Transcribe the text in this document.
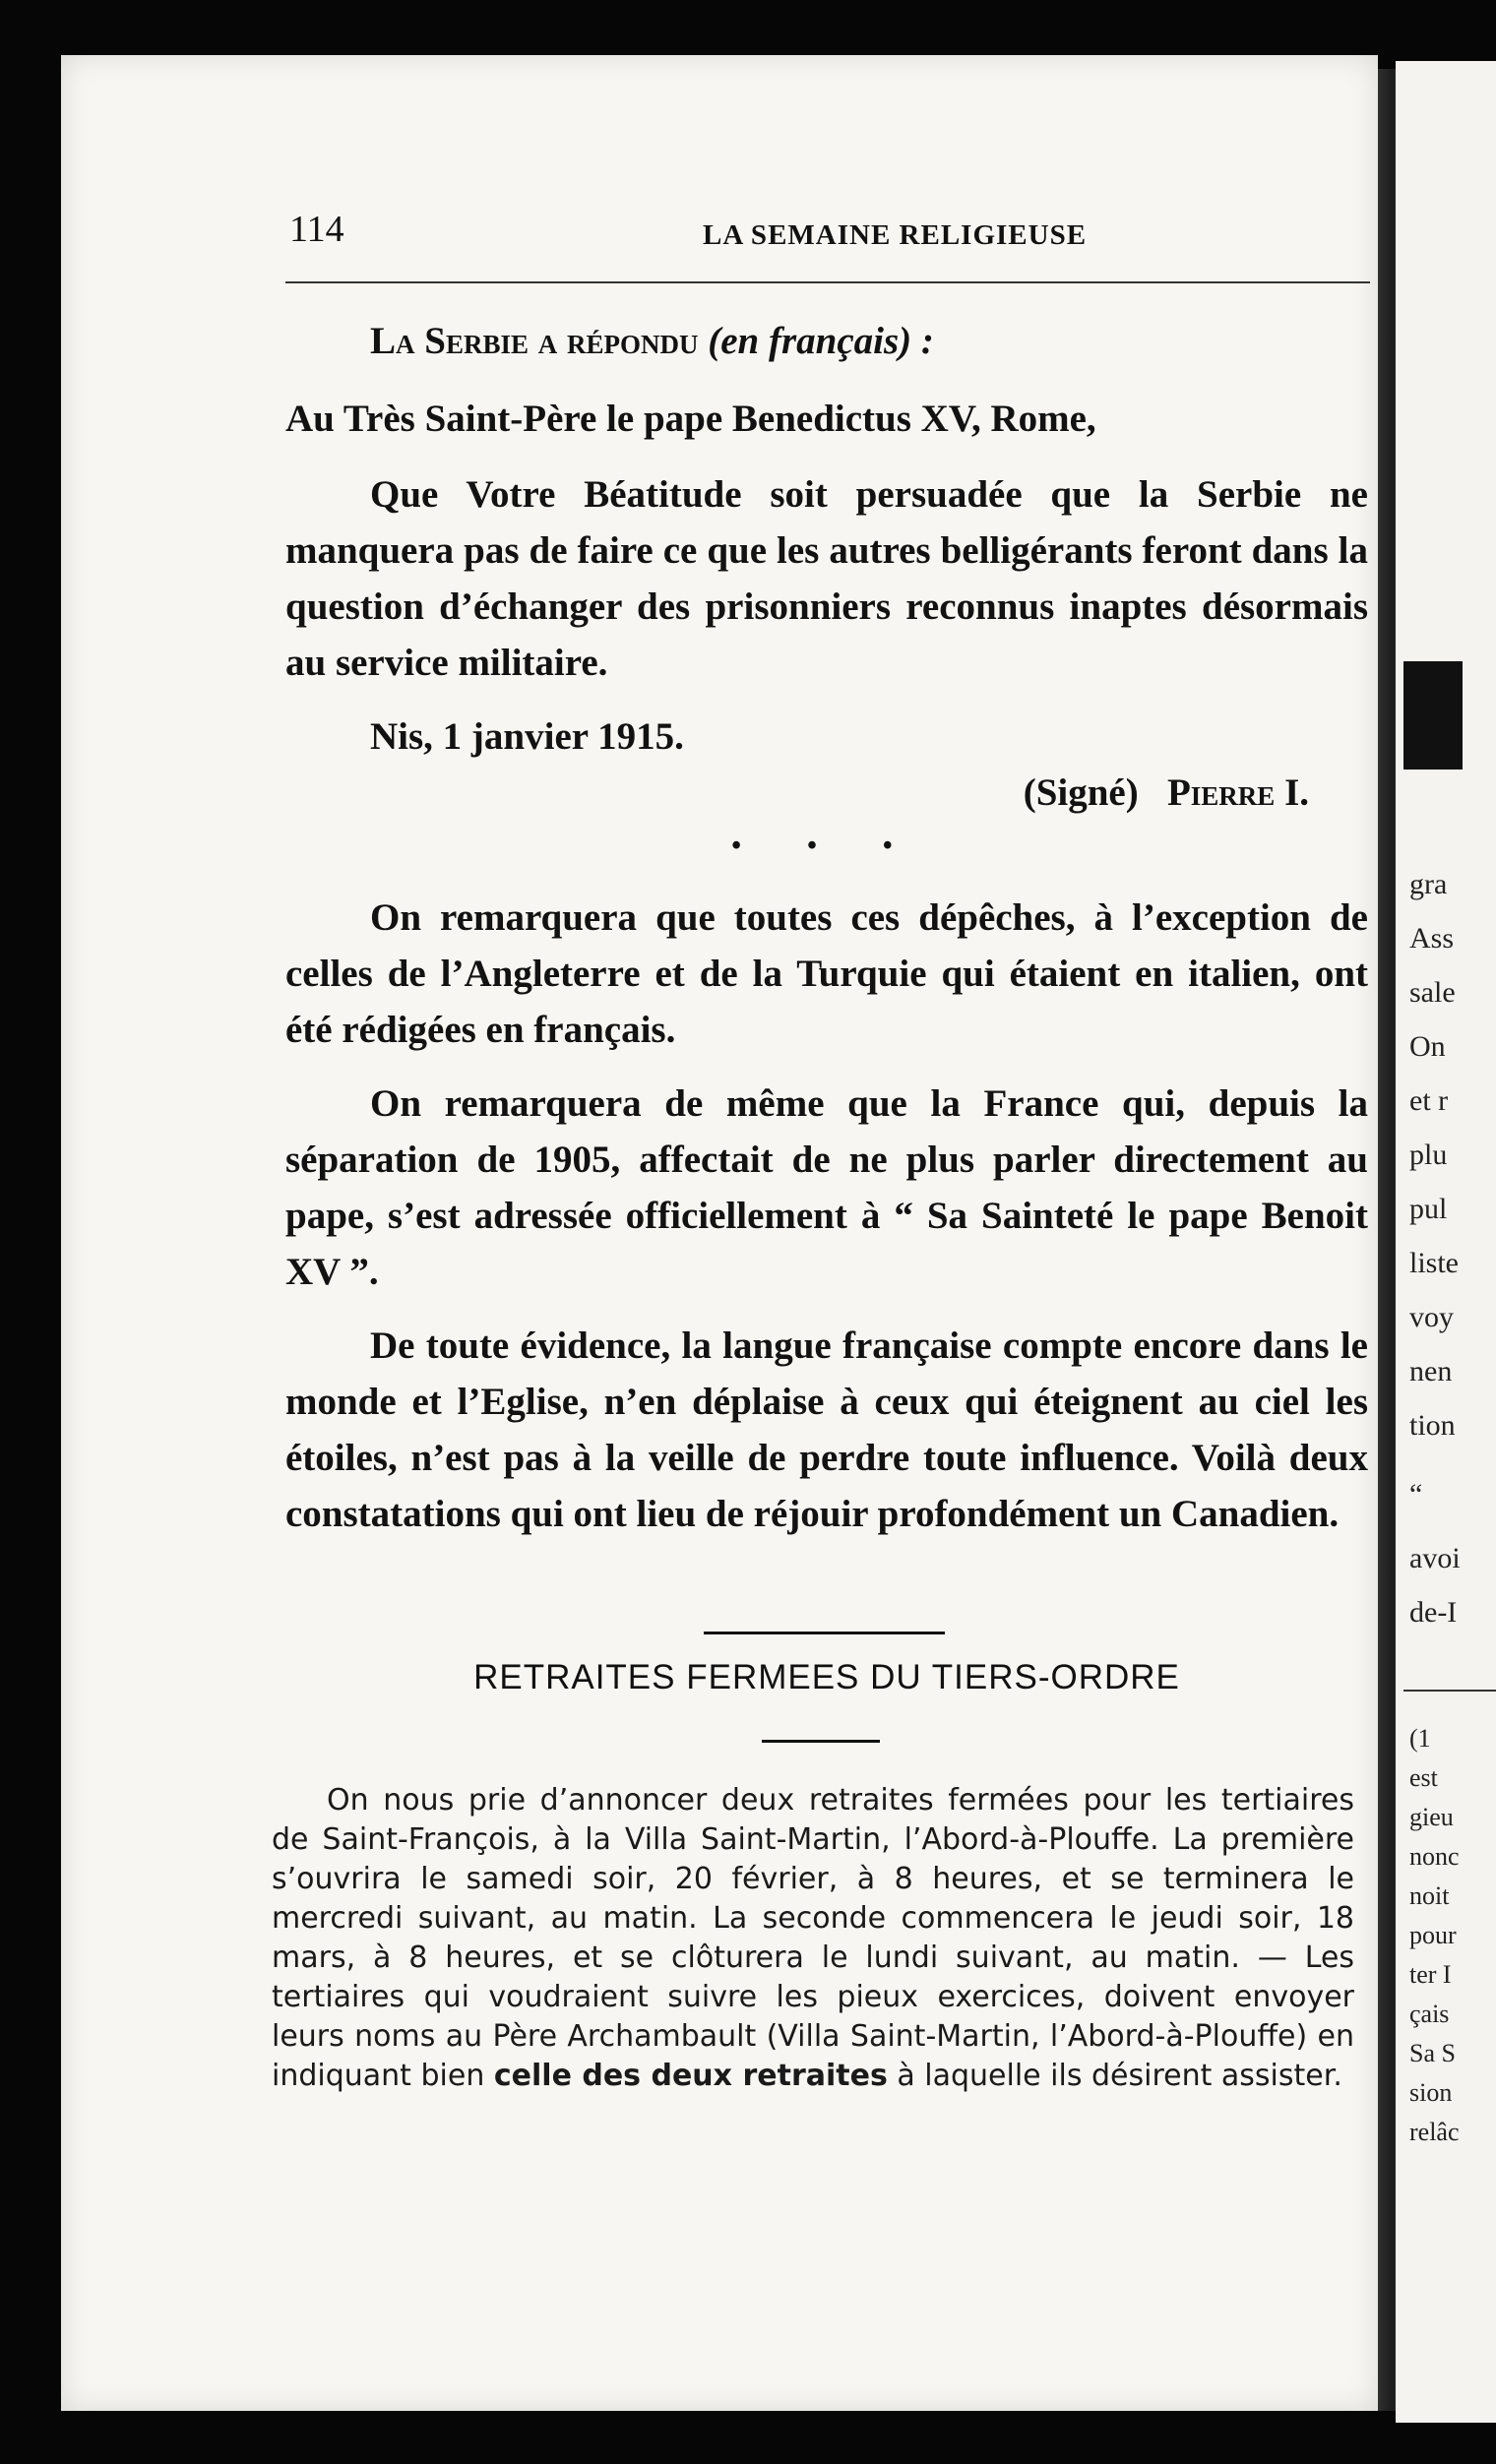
gra
Ass
sale
On
et r
plu
pul
liste
voy
nen
tion
“
avoi
de-I
(1
est
gieu
nonc
noit
pour
ter I
çais
Sa S
sion
relâc
114	LA SEMAINE RELIGIEUSE

La Serbie a répondu (en français) :

Au Très Saint-Père le pape Benedictus XV, Rome,

Que Votre Béatitude soit persuadée que la Serbie ne manquera pas de faire ce que les autres belligérants feront dans la question d’échanger des prisonniers reconnus inaptes désormais au service militaire.

Nis, 1 janvier 1915.

(Signé) Pierre I.

• • •

On remarquera que toutes ces dépêches, à l’exception de celles de l’Angleterre et de la Turquie qui étaient en italien, ont été rédigées en français.

On remarquera de même que la France qui, depuis la séparation de 1905, affectait de ne plus parler directement au pape, s’est adressée officiellement à “ Sa Sainteté le pape Benoit XV ”.

De toute évidence, la langue française compte encore dans le monde et l’Eglise, n’en déplaise à ceux qui éteignent au ciel les étoiles, n’est pas à la veille de perdre toute influence. Voilà deux constatations qui ont lieu de réjouir profondément un Canadien.

RETRAITES FERMEES DU TIERS-ORDRE

On nous prie d’annoncer deux retraites fermées pour les tertiaires de Saint-François, à la Villa Saint-Martin, l’Abord-à-Plouffe. La première s’ouvrira le samedi soir, 20 février, à 8 heures, et se terminera le mercredi suivant, au matin. La seconde commencera le jeudi soir, 18 mars, à 8 heures, et se clôturera le lundi suivant, au matin. — Les tertiaires qui voudraient suivre les pieux exercices, doivent envoyer leurs noms au Père Archambault (Villa Saint-Martin, l’Abord-à-Plouffe) en indiquant bien celle des deux retraites à laquelle ils désirent assister.
